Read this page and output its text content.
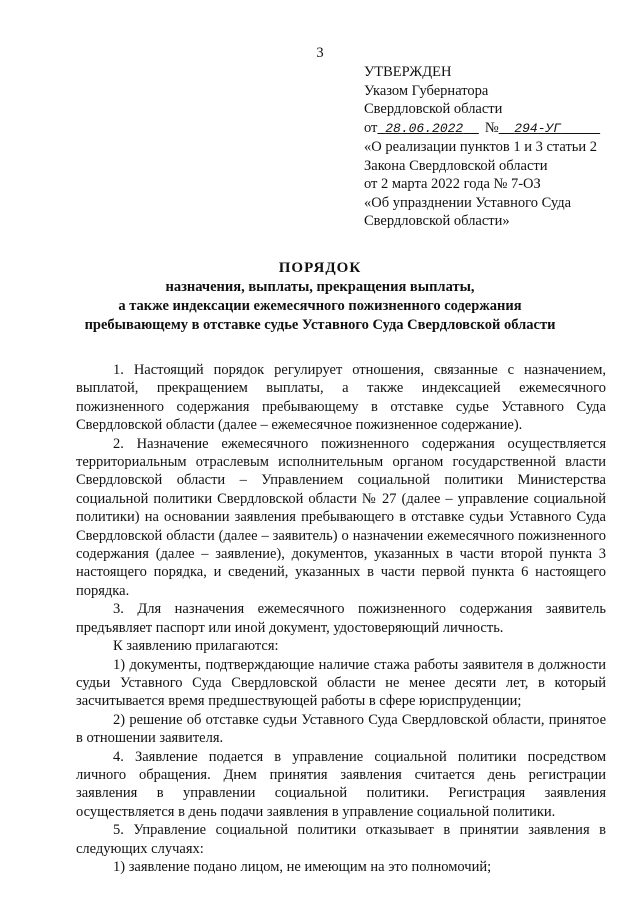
3
УТВЕРЖДЕН
Указом Губернатора
Свердловской области
от 28.06.2022 № 294-УГ
«О реализации пунктов 1 и 3 статьи 2
Закона Свердловской области
от 2 марта 2022 года № 7-ОЗ
«Об упразднении Уставного Суда
Свердловской области»
ПОРЯДОК
назначения, выплаты, прекращения выплаты,
а также индексации ежемесячного пожизненного содержания
пребывающему в отставке судье Уставного Суда Свердловской области

1. Настоящий порядок регулирует отношения, связанные с назначением, выплатой, прекращением выплаты, а также индексацией ежемесячного пожизненного содержания пребывающему в отставке судье Уставного Суда Свердловской области (далее – ежемесячное пожизненное содержание).

2. Назначение ежемесячного пожизненного содержания осуществляется территориальным отраслевым исполнительным органом государственной власти Свердловской области – Управлением социальной политики Министерства социальной политики Свердловской области № 27 (далее – управление социальной политики) на основании заявления пребывающего в отставке судьи Уставного Суда Свердловской области (далее – заявитель) о назначении ежемесячного пожизненного содержания (далее – заявление), документов, указанных в части второй пункта 3 настоящего порядка, и сведений, указанных в части первой пункта 6 настоящего порядка.

3. Для назначения ежемесячного пожизненного содержания заявитель предъявляет паспорт или иной документ, удостоверяющий личность.

К заявлению прилагаются:

1) документы, подтверждающие наличие стажа работы заявителя в должности судьи Уставного Суда Свердловской области не менее десяти лет, в который засчитывается время предшествующей работы в сфере юриспруденции;

2) решение об отставке судьи Уставного Суда Свердловской области, принятое в отношении заявителя.

4. Заявление подается в управление социальной политики посредством личного обращения. Днем принятия заявления считается день регистрации заявления в управлении социальной политики. Регистрация заявления осуществляется в день подачи заявления в управление социальной политики.

5. Управление социальной политики отказывает в принятии заявления в следующих случаях:

1) заявление подано лицом, не имеющим на это полномочий;
